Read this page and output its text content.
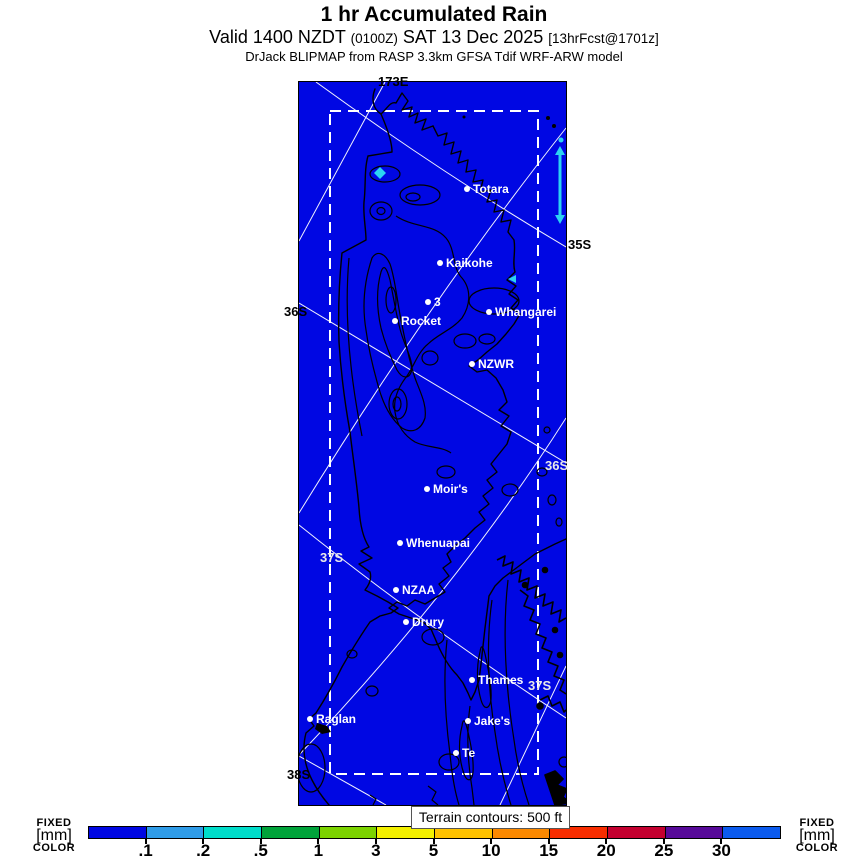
1 hr Accumulated Rain
Valid 1400 NZDT (0100Z) SAT 13 Dec 2025 [13hrFcst@1701z]
DrJack BLIPMAP from RASP 3.3km GFSA Tdif WRF-ARW model
Terrain contours: 500 ft
FIXED
[mm]
COLOR
FIXED
[mm]
COLOR
.1	.2	.5	1	3	5	10 15 20 25 30
173E
35S
36S
38S
36S
37S
37S
Totara
Kaikohe
3
Rocket
Whangarei
NZWR
Moir's
Whenuapai
NZAA
Drury
Thames
Raglan	Jake's
Te
